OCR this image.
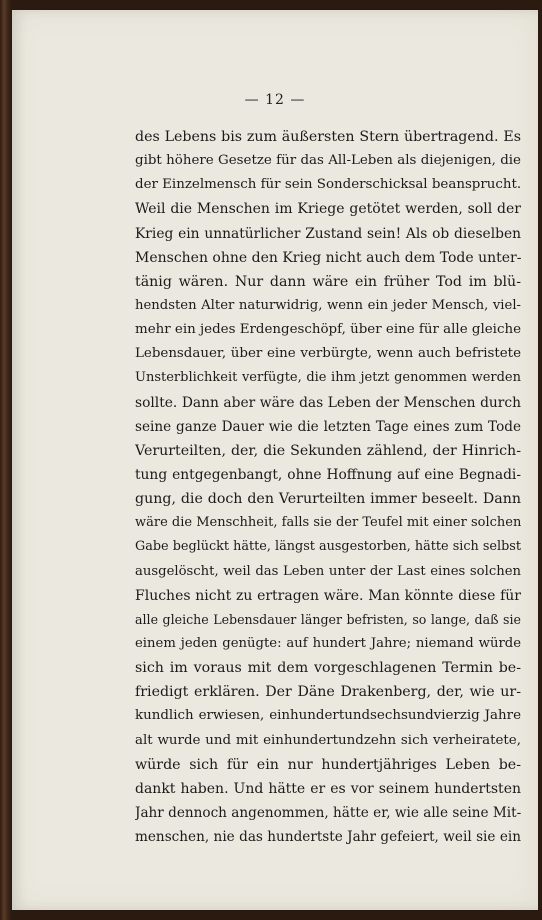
— 12 —
des Lebens bis zum äußersten Stern übertragend. Es
gibt höhere Gesetze für das All-Leben als diejenigen, die
der Einzelmensch für sein Sonderschicksal beansprucht.
Weil die Menschen im Kriege getötet werden, soll der
Krieg ein unnatürlicher Zustand sein! Als ob dieselben
Menschen ohne den Krieg nicht auch dem Tode unter-
tänig wären. Nur dann wäre ein früher Tod im blü-
hendsten Alter naturwidrig, wenn ein jeder Mensch, viel-
mehr ein jedes Erdengeschöpf, über eine für alle gleiche
Lebensdauer, über eine verbürgte, wenn auch befristete
Unsterblichkeit verfügte, die ihm jetzt genommen werden
sollte. Dann aber wäre das Leben der Menschen durch
seine ganze Dauer wie die letzten Tage eines zum Tode
Verurteilten, der, die Sekunden zählend, der Hinrich-
tung entgegenbangt, ohne Hoffnung auf eine Begnadi-
gung, die doch den Verurteilten immer beseelt. Dann
wäre die Menschheit, falls sie der Teufel mit einer solchen
Gabe beglückt hätte, längst ausgestorben, hätte sich selbst
ausgelöscht, weil das Leben unter der Last eines solchen
Fluches nicht zu ertragen wäre. Man könnte diese für
alle gleiche Lebensdauer länger befristen, so lange, daß sie
einem jeden genügte: auf hundert Jahre; niemand würde
sich im voraus mit dem vorgeschlagenen Termin be-
friedigt erklären. Der Däne Drakenberg, der, wie ur-
kundlich erwiesen, einhundertundsechsundvierzig Jahre
alt wurde und mit einhundertundzehn sich verheiratete,
würde sich für ein nur hundertjähriges Leben be-
dankt haben. Und hätte er es vor seinem hundertsten
Jahr dennoch angenommen, hätte er, wie alle seine Mit-
menschen, nie das hundertste Jahr gefeiert, weil sie ein
